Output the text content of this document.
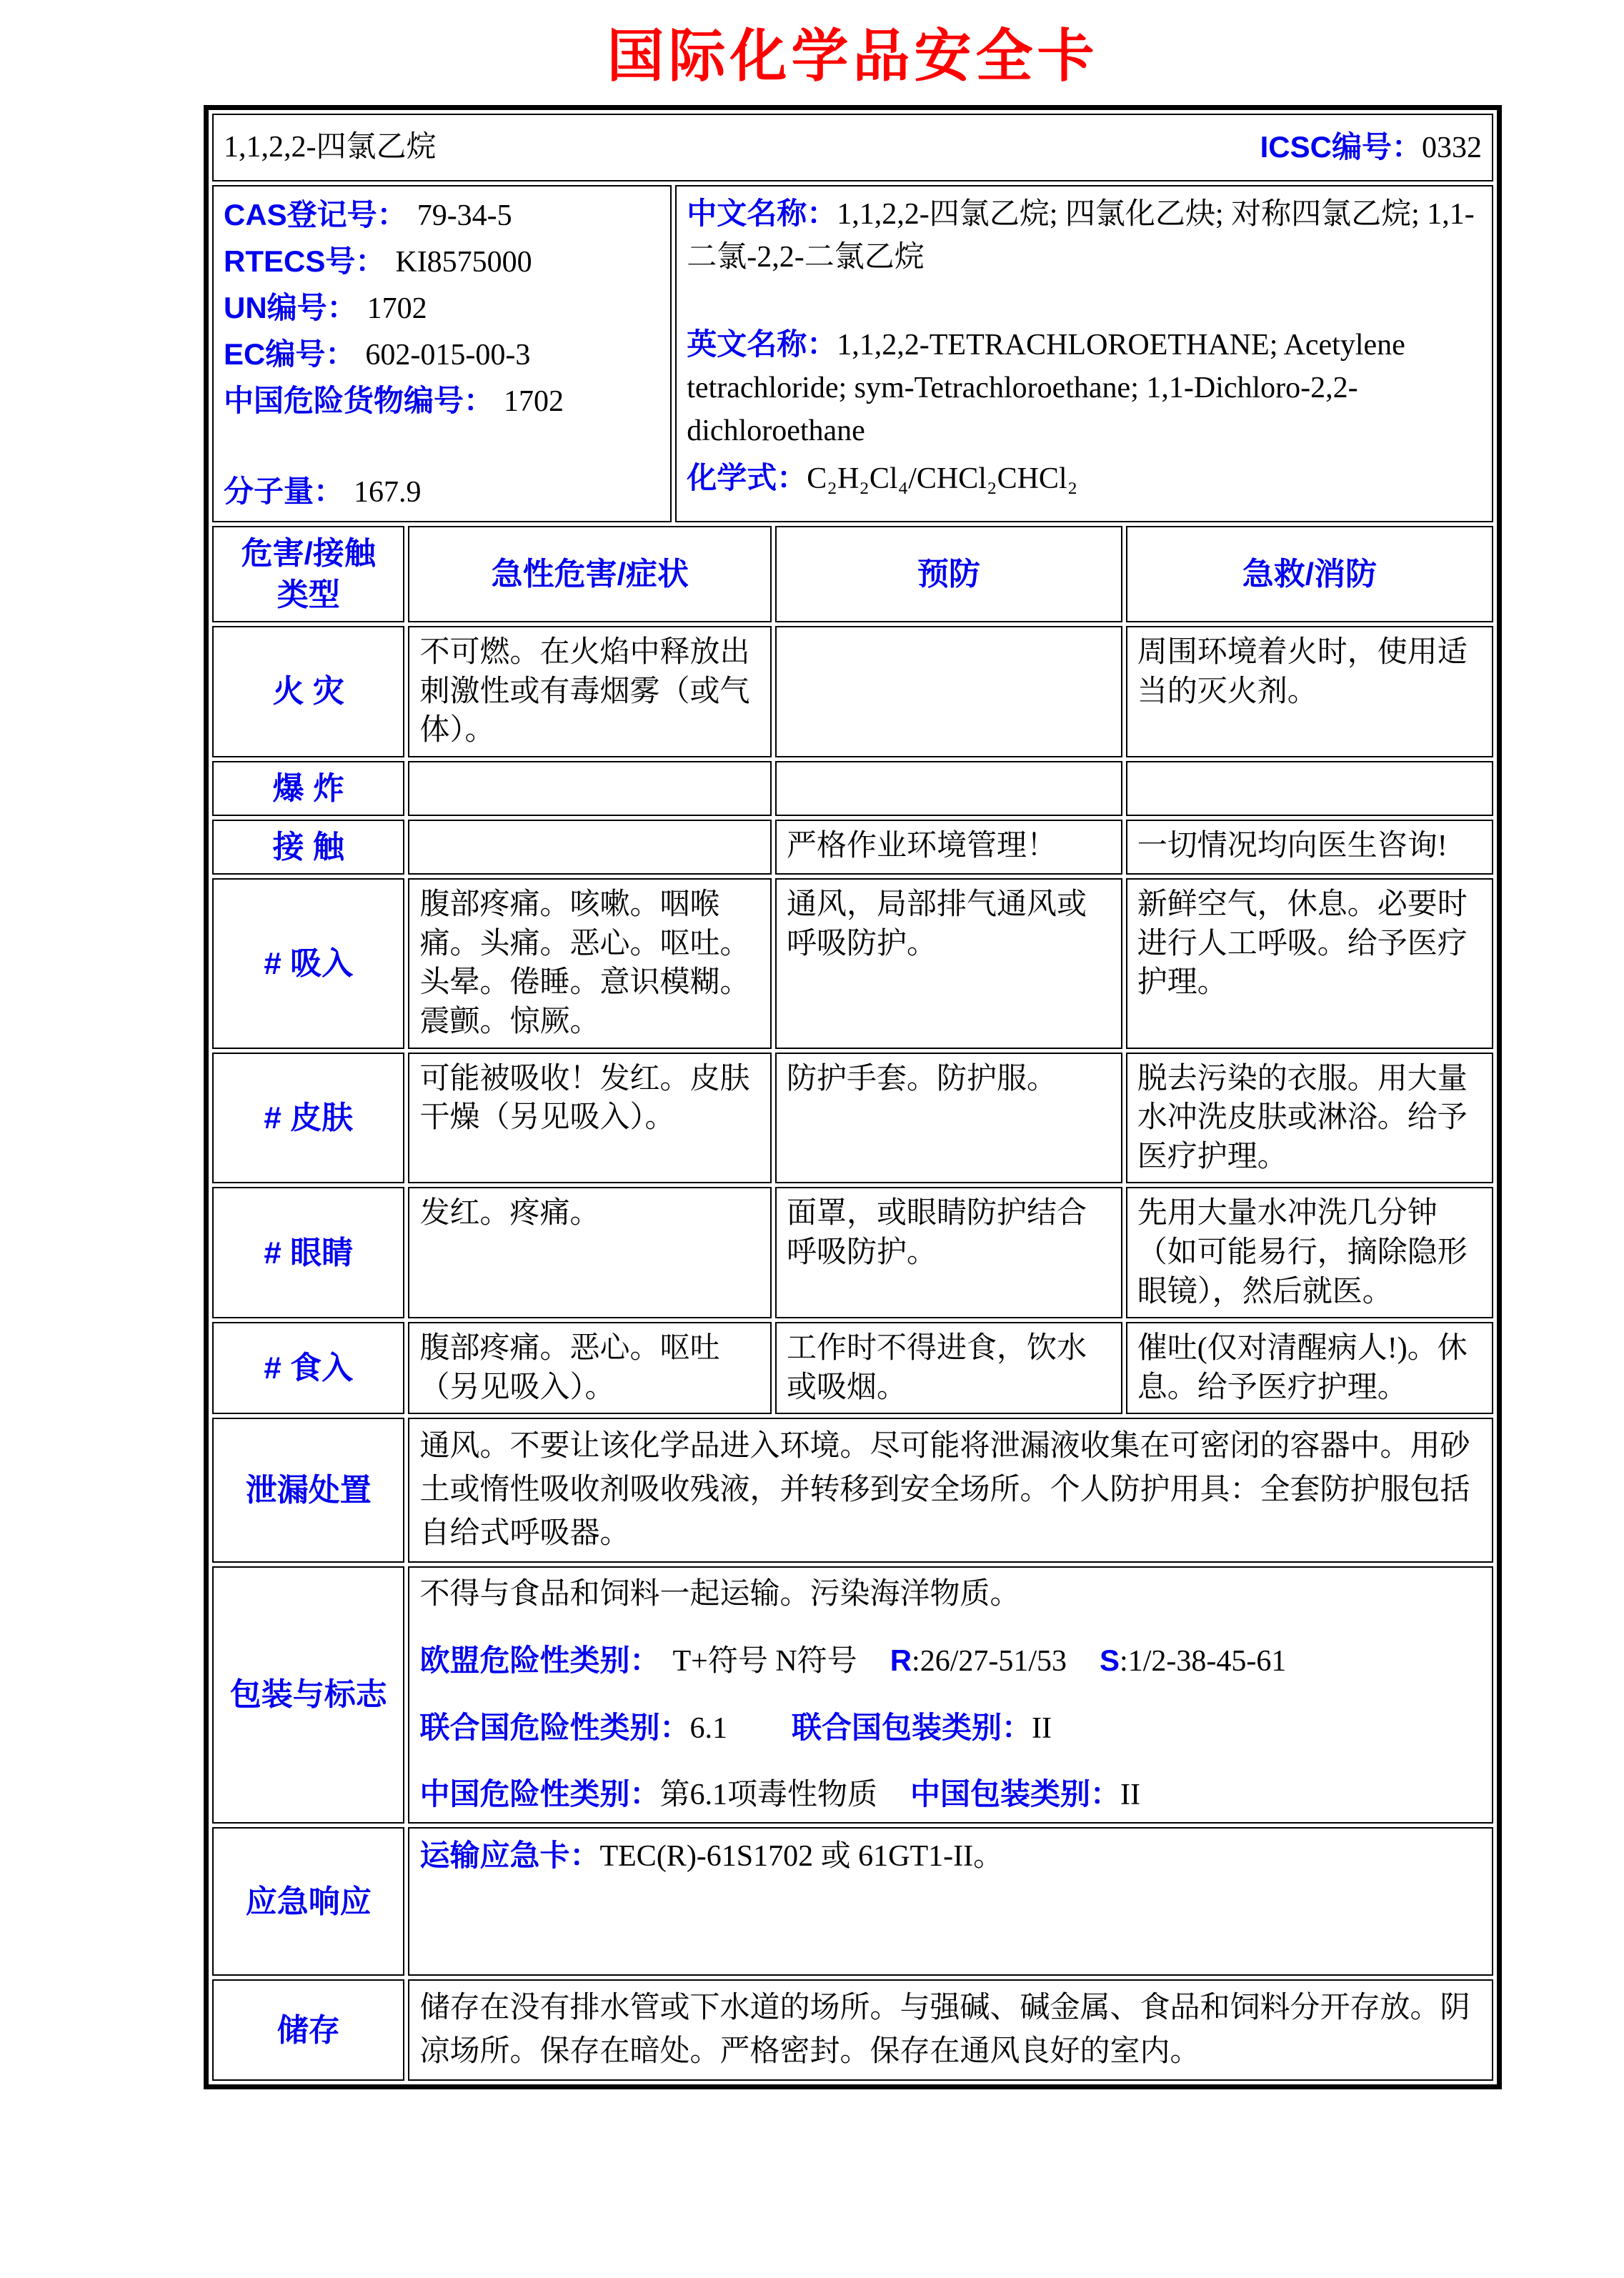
国际化学品安全卡
1,1,2,2-四氯乙烷 ICSC编号：0332				

CAS登记号： 79-34-5
RTECS号： KI8575000
UN编号： 1702
EC编号： 602-015-00-3
中国危险货物编号： 1702
分子量： 167.9

中文名称：1,1,2,2-四氯乙烷; 四氯化乙炔; 对称四氯乙烷; 1,1-二氯-2,2-二氯乙烷

英文名称：1,1,2,2-TETRACHLOROETHANE; Acetylene tetrachloride; sym-Tetrachloroethane; 1,1-Dichloro-2,2-dichloroethane

化学式：C₂H₂Cl₄/CHCl₂CHCl₂

危害/接触
类型	急性危害/症状		预防	急救/消防
火 灾	不可燃。在火焰中释放出刺激性或有毒烟雾（或气体）。			周围环境着火时，使用适当的灭火剂。
爆 炸				
接 触			严格作业环境管理！	一切情况均向医生咨询!
# 吸入	腹部疼痛。咳嗽。咽喉痛。头痛。恶心。呕吐。头晕。倦睡。意识模糊。震颤。惊厥。		通风，局部排气通风或呼吸防护。	新鲜空气，休息。必要时进行人工呼吸。给予医疗护理。
# 皮肤	可能被吸收！发红。皮肤干燥（另见吸入）。		防护手套。防护服。	脱去污染的衣服。用大量水冲洗皮肤或淋浴。给予医疗护理。
# 眼睛	发红。疼痛。		面罩，或眼睛防护结合呼吸防护。	先用大量水冲洗几分钟（如可能易行，摘除隐形眼镜），然后就医。
# 食入	腹部疼痛。恶心。呕吐（另见吸入）。		工作时不得进食，饮水或吸烟。	催吐(仅对清醒病人!)。休息。给予医疗护理。
泄漏处置	通风。不要让该化学品进入环境。尽可能将泄漏液收集在可密闭的容器中。用砂土或惰性吸收剂吸收残液，并转移到安全场所。个人防护用具：全套防护服包括自给式呼吸器。			
包装与标志	不得与食品和饲料一起运输。污染海洋物质。
欧盟危险性类别： T+符号 N符号 R:26/27-51/53 S:1/2-38-45-61
联合国危险性类别：6.1 联合国包装类别：II
中国危险性类别：第6.1项毒性物质 中国包装类别：II			

应急响应	运输应急卡：TEC(R)-61S1702 或 61GT1-II。			
储存	储存在没有排水管或下水道的场所。与强碱、碱金属、食品和饲料分开存放。阴凉场所。保存在暗处。严格密封。保存在通风良好的室内。			
